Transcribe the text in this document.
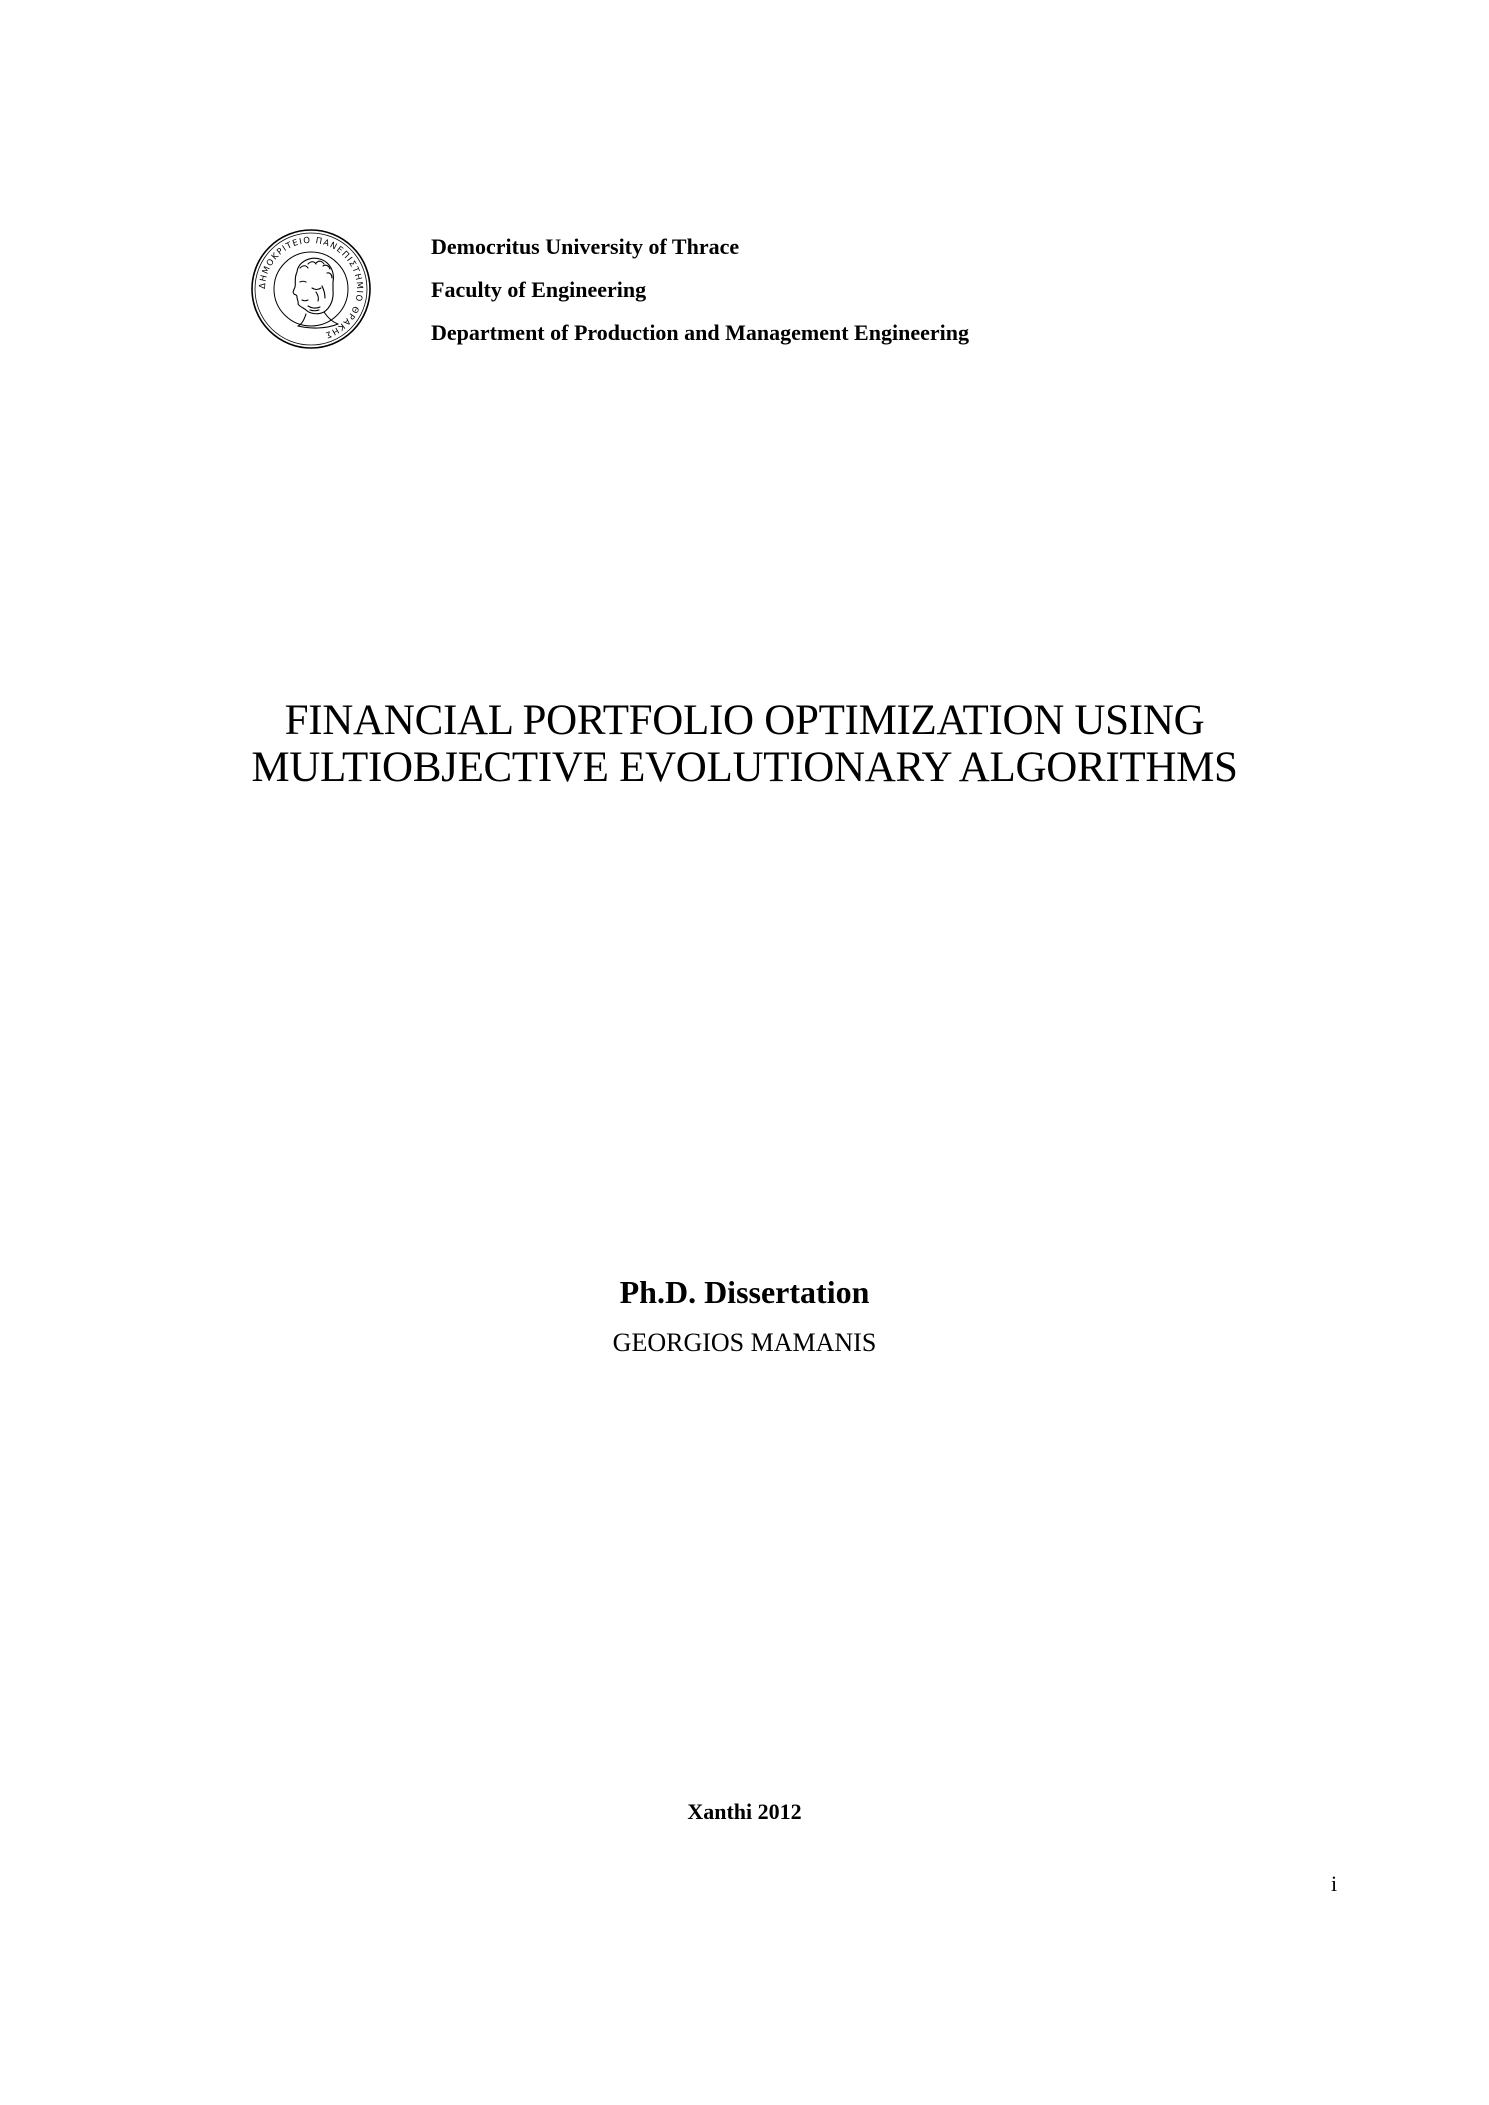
ΔΗΜΟΚΡΙΤΕΙΟ ΠΑΝΕΠΙΣΤΗΜΙΟ ΘΡΑΚΗΣ
Democritus University of Thrace
Faculty of Engineering
Department of Production and Management Engineering
FINANCIAL PORTFOLIO OPTIMIZATION USING
MULTIOBJECTIVE EVOLUTIONARY ALGORITHMS
Ph.D. Dissertation
GEORGIOS MAMANIS
Xanthi 2012
i
